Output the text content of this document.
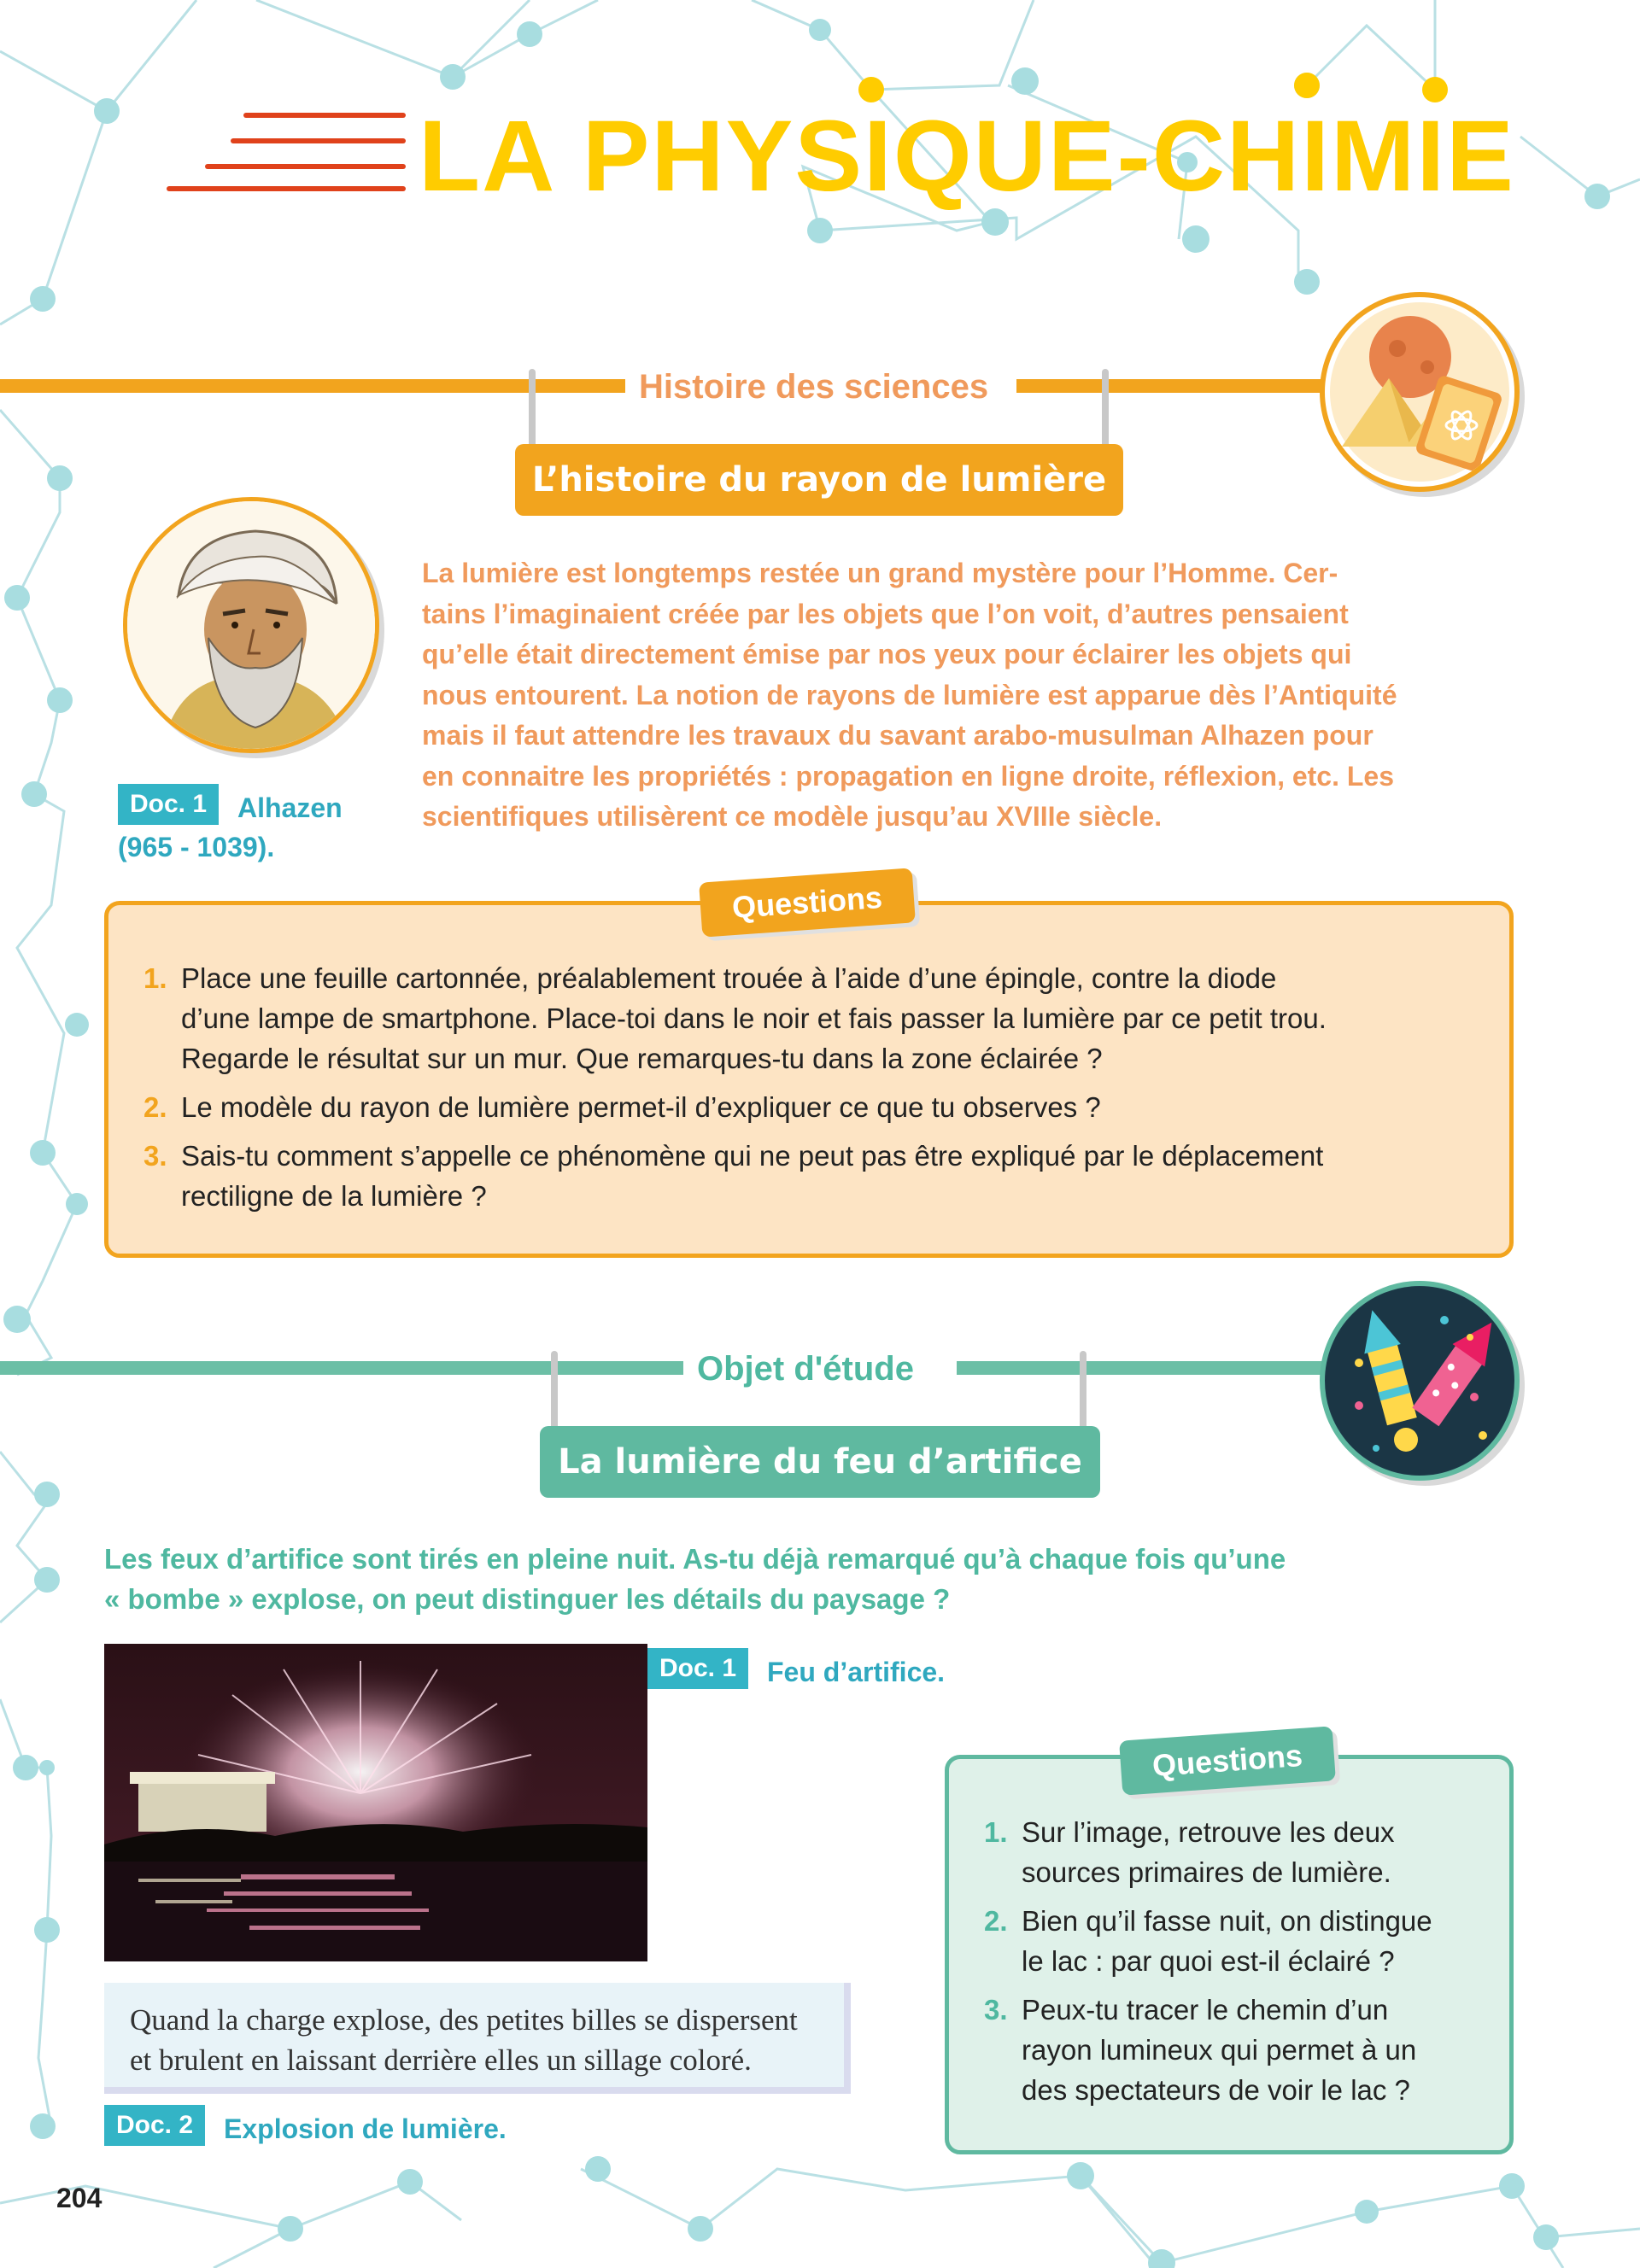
LA PHYSIQUE-CHIMIE
Histoire des sciences
L’histoire du rayon de lumière
Doc. 1	Alhazen
(965 - 1039).
La lumière est longtemps restée un grand mystère pour l’Homme. Cer-
tains l’imaginaient créée par les objets que l’on voit, d’autres pensaient
qu’elle était directement émise par nos yeux pour éclairer les objets qui
nous entourent. La notion de rayons de lumière est apparue dès l’Antiquité
mais il faut attendre les travaux du savant arabo-musulman Alhazen pour
en connaitre les propriétés : propagation en ligne droite, réflexion, etc. Les
scientifiques utilisèrent ce modèle jusqu’au XVIIIe siècle.
Questions
1. Place une feuille cartonnée, préalablement trouée à l’aide d’une épingle, contre la diode
d’une lampe de smartphone. Place-toi dans le noir et fais passer la lumière par ce petit trou.
Regarde le résultat sur un mur. Que remarques-tu dans la zone éclairée ?
2. Le modèle du rayon de lumière permet-il d’expliquer ce que tu observes ?
3. Sais-tu comment s’appelle ce phénomène qui ne peut pas être expliqué par le déplacement
rectiligne de la lumière ?
Objet d'étude
La lumière du feu d’artifice
Les feux d’artifice sont tirés en pleine nuit. As-tu déjà remarqué qu’à chaque fois qu’une
« bombe » explose, on peut distinguer les détails du paysage ?
Doc. 1	Feu d’artifice.
Quand la charge explose, des petites billes se dispersent
et brulent en laissant derrière elles un sillage coloré.
Doc. 2	Explosion de lumière.
Questions
1. Sur l’image, retrouve les deux
sources primaires de lumière.
2. Bien qu’il fasse nuit, on distingue
le lac : par quoi est-il éclairé ?
3. Peux-tu tracer le chemin d’un
rayon lumineux qui permet à un
des spectateurs de voir le lac ?
204
